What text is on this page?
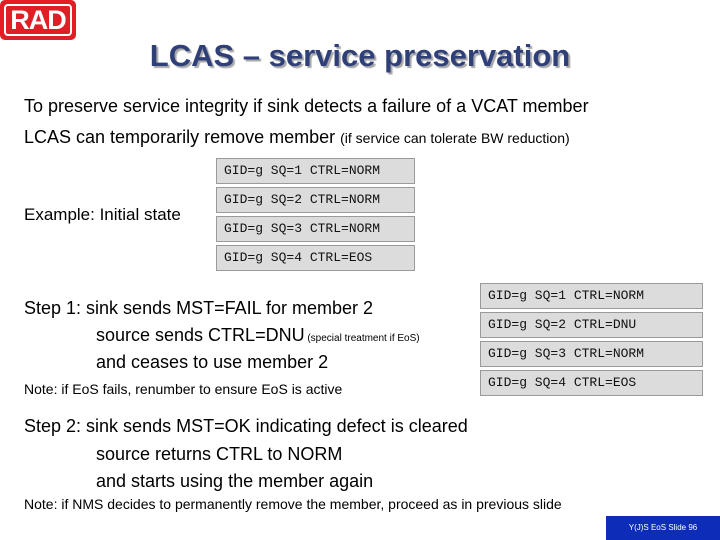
RAD
LCAS – service preservation
To preserve service integrity if sink detects a failure of a VCAT member
LCAS can temporarily remove member (if service can tolerate BW reduction)
Example: Initial state
GID=g SQ=1 CTRL=NORM
GID=g SQ=2 CTRL=NORM
GID=g SQ=3 CTRL=NORM
GID=g SQ=4 CTRL=EOS
Step 1: sink sends MST=FAIL for member 2
source sends CTRL=DNU (special treatment if EoS)
and ceases to use member 2
Note: if EoS fails, renumber to ensure EoS is active
GID=g SQ=1 CTRL=NORM
GID=g SQ=2 CTRL=DNU
GID=g SQ=3 CTRL=NORM
GID=g SQ=4 CTRL=EOS
Step 2: sink sends MST=OK indicating defect is cleared
source returns CTRL to NORM
and starts using the member again
Note: if NMS decides to permanently remove the member, proceed as in previous slide
Y(J)S EoS Slide 96
